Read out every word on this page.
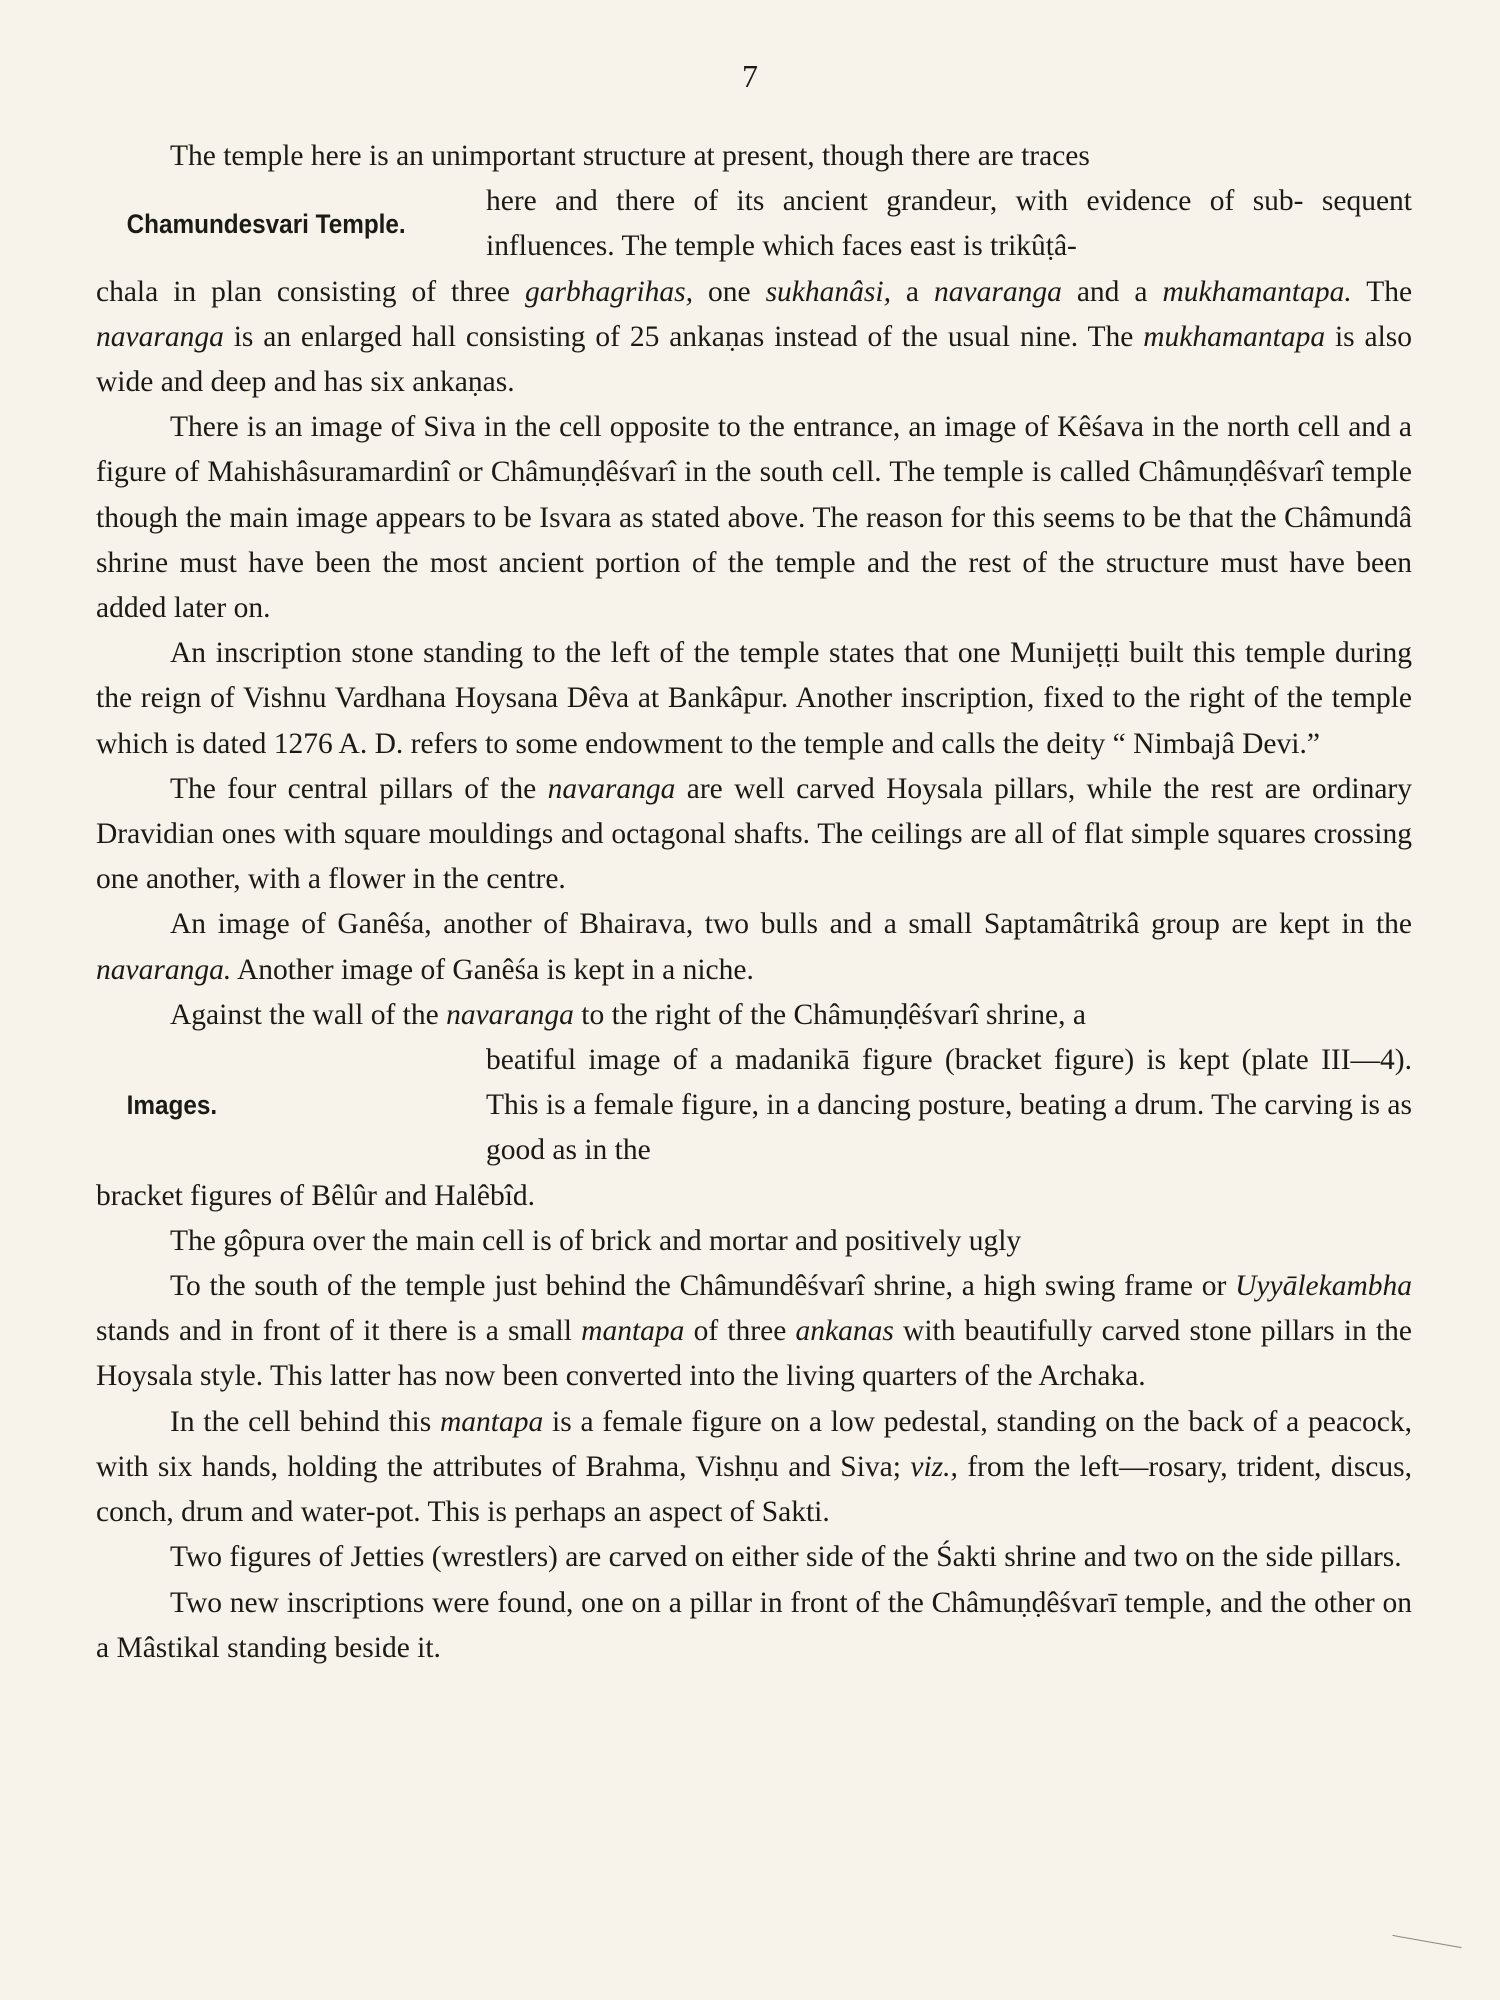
7

The temple here is an unimportant structure at present, though there are traces

Chamundesvari Temple.
here and there of its ancient grandeur, with evidence of sub- sequent influences. The temple which faces east is trikûṭâ-

chala in plan consisting of three garbhagrihas, one sukhanâsi, a navaranga and a mukhamantapa. The navaranga is an enlarged hall consisting of 25 ankaṇas instead of the usual nine. The mukhamantapa is also wide and deep and has six ankaṇas.

There is an image of Siva in the cell opposite to the entrance, an image of Kêśava in the north cell and a figure of Mahishâsuramardinî or Châmuṇḍêśvarî in the south cell. The temple is called Châmuṇḍêśvarî temple though the main image appears to be Isvara as stated above. The reason for this seems to be that the Châmundâ shrine must have been the most ancient portion of the temple and the rest of the structure must have been added later on.

An inscription stone standing to the left of the temple states that one Munijeṭṭi built this temple during the reign of Vishnu Vardhana Hoysana Dêva at Bankâpur. Another inscription, fixed to the right of the temple which is dated 1276 A. D. refers to some endowment to the temple and calls the deity “ Nimbajâ Devi.”

The four central pillars of the navaranga are well carved Hoysala pillars, while the rest are ordinary Dravidian ones with square mouldings and octagonal shafts. The ceilings are all of flat simple squares crossing one another, with a flower in the centre.

An image of Ganêśa, another of Bhairava, two bulls and a small Saptamâtrikâ group are kept in the navaranga. Another image of Ganêśa is kept in a niche.

Against the wall of the navaranga to the right of the Châmuṇḍêśvarî shrine, a

Images.
beatiful image of a madanikā figure (bracket figure) is kept (plate III—4). This is a female figure, in a dancing posture, beating a drum. The carving is as good as in the

bracket figures of Bêlûr and Halêbîd.

The gôpura over the main cell is of brick and mortar and positively ugly

To the south of the temple just behind the Châmundêśvarî shrine, a high swing frame or Uyyālekambha stands and in front of it there is a small mantapa of three ankanas with beautifully carved stone pillars in the Hoysala style. This latter has now been converted into the living quarters of the Archaka.

In the cell behind this mantapa is a female figure on a low pedestal, standing on the back of a peacock, with six hands, holding the attributes of Brahma, Vishṇu and Siva; viz., from the left—rosary, trident, discus, conch, drum and water-pot. This is perhaps an aspect of Sakti.

Two figures of Jetties (wrestlers) are carved on either side of the Śakti shrine and two on the side pillars.

Two new inscriptions were found, one on a pillar in front of the Châmuṇḍêśvarī temple, and the other on a Mâstikal standing beside it.
